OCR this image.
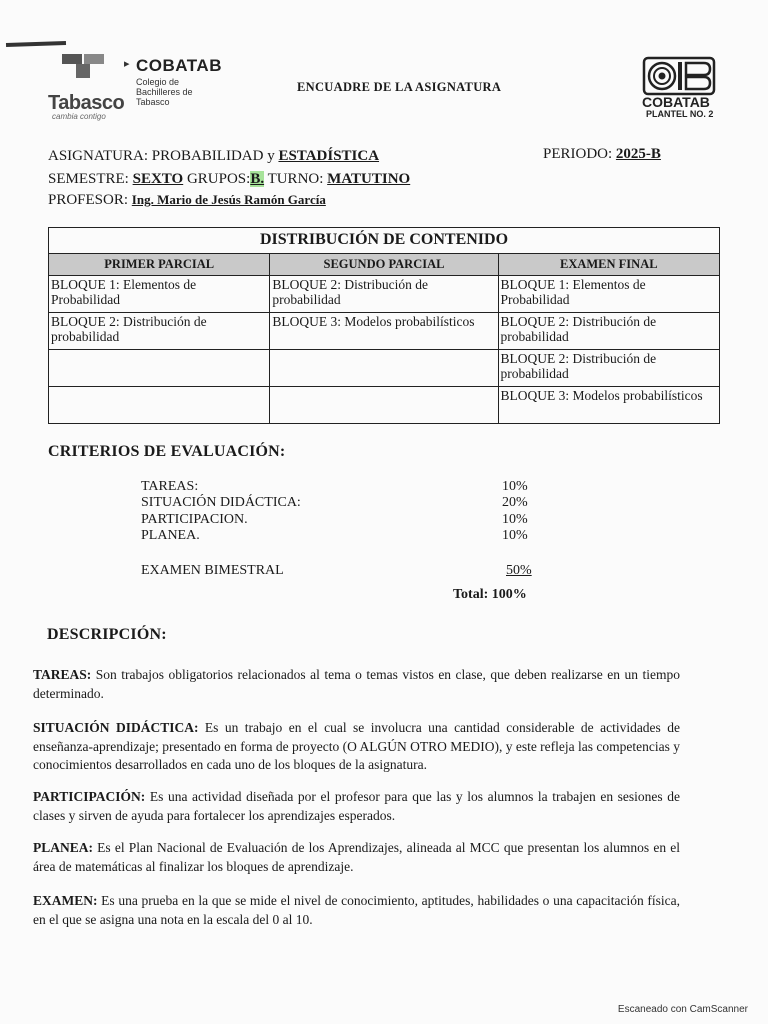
Tabasco
cambia contigo
▸ COBATAB
Colegio de Bachilleres de Tabasco
ENCUADRE DE LA ASIGNATURA
COBATAB
PLANTEL NO. 2
ASIGNATURA: PROBABILIDAD y ESTADÍSTICA	PERIODO: 2025-B
SEMESTRE: SEXTO GRUPOS:B. TURNO: MATUTINO
PROFESOR: Ing. Mario de Jesús Ramón García
DISTRIBUCIÓN DE CONTENIDO		
PRIMER PARCIAL	SEGUNDO PARCIAL	EXAMEN FINAL
BLOQUE 1: Elementos de Probabilidad	BLOQUE 2: Distribución de probabilidad	BLOQUE 1: Elementos de Probabilidad
BLOQUE 2: Distribución de probabilidad	BLOQUE 3: Modelos probabilísticos	BLOQUE 2: Distribución de probabilidad
		BLOQUE 2: Distribución de probabilidad
		BLOQUE 3: Modelos probabilísticos
CRITERIOS DE EVALUACIÓN:
TAREAS:	10%
SITUACIÓN DIDÁCTICA:	20%
PARTICIPACION.	10%
PLANEA.	10%
EXAMEN BIMESTRAL	50%
Total: 100%
DESCRIPCIÓN:
TAREAS: Son trabajos obligatorios relacionados al tema o temas vistos en clase, que deben realizarse en un tiempo determinado.
SITUACIÓN DIDÁCTICA: Es un trabajo en el cual se involucra una cantidad considerable de actividades de enseñanza-aprendizaje; presentado en forma de proyecto (O ALGÚN OTRO MEDIO), y este refleja las competencias y conocimientos desarrollados en cada uno de los bloques de la asignatura.
PARTICIPACIÓN: Es una actividad diseñada por el profesor para que las y los alumnos la trabajen en sesiones de clases y sirven de ayuda para fortalecer los aprendizajes esperados.
PLANEA: Es el Plan Nacional de Evaluación de los Aprendizajes, alineada al MCC que presentan los alumnos en el área de matemáticas al finalizar los bloques de aprendizaje.
EXAMEN: Es una prueba en la que se mide el nivel de conocimiento, aptitudes, habilidades o una capacitación física, en el que se asigna una nota en la escala del 0 al 10.
Escaneado con CamScanner
